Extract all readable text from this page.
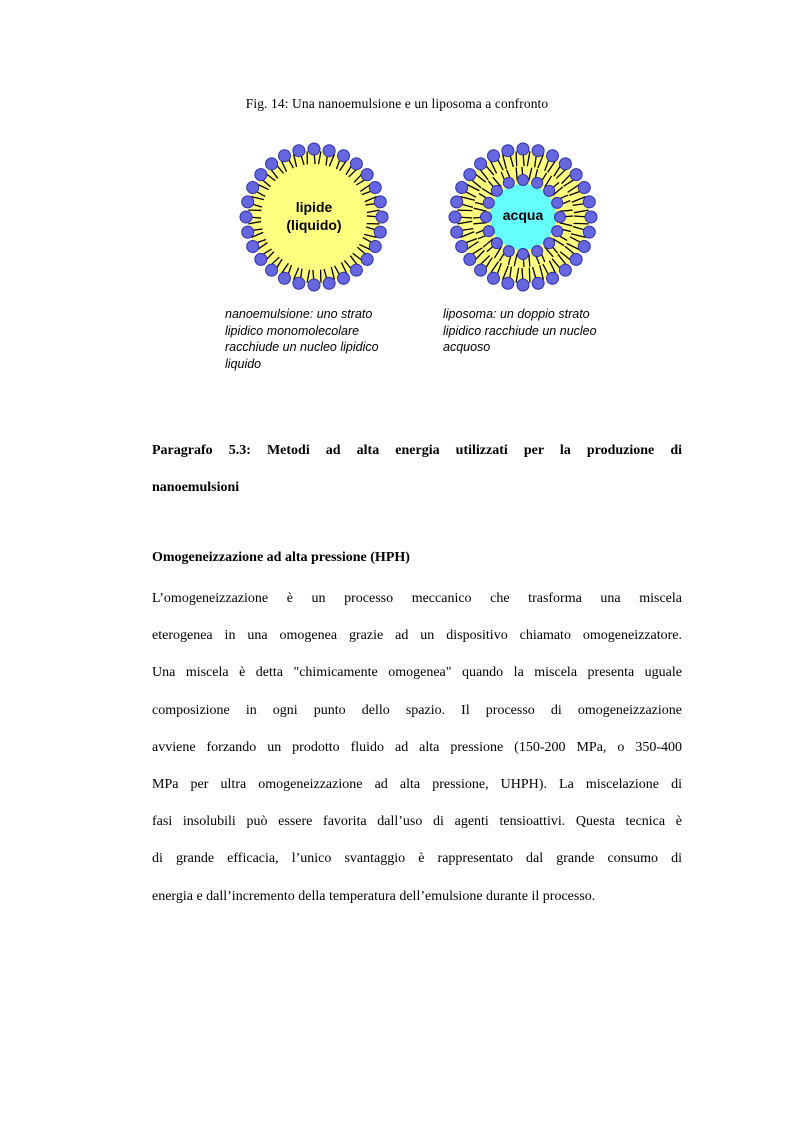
Fig. 14: Una nanoemulsione e un liposoma a confronto
lipide
(liquido)
acqua
nanoemulsione: uno strato
lipidico monomolecolare
racchiude un nucleo lipidico
liquido
liposoma: un doppio strato
lipidico racchiude un nucleo
acquoso
Paragrafo 5.3: Metodi ad alta energia utilizzati per la produzione di
nanoemulsioni
Omogeneizzazione ad alta pressione (HPH)
L’omogeneizzazione è un processo meccanico che trasforma una miscela
eterogenea in una omogenea grazie ad un dispositivo chiamato omogeneizzatore.
Una miscela è detta "chimicamente omogenea" quando la miscela presenta uguale
composizione in ogni punto dello spazio. Il processo di omogeneizzazione
avviene forzando un prodotto fluido ad alta pressione (150-200 MPa, o 350-400
MPa per ultra omogeneizzazione ad alta pressione, UHPH). La miscelazione di
fasi insolubili può essere favorita dall’uso di agenti tensioattivi. Questa tecnica è
di grande efficacia, l’unico svantaggio è rappresentato dal grande consumo di
energia e dall’incremento della temperatura dell’emulsione durante il processo.
